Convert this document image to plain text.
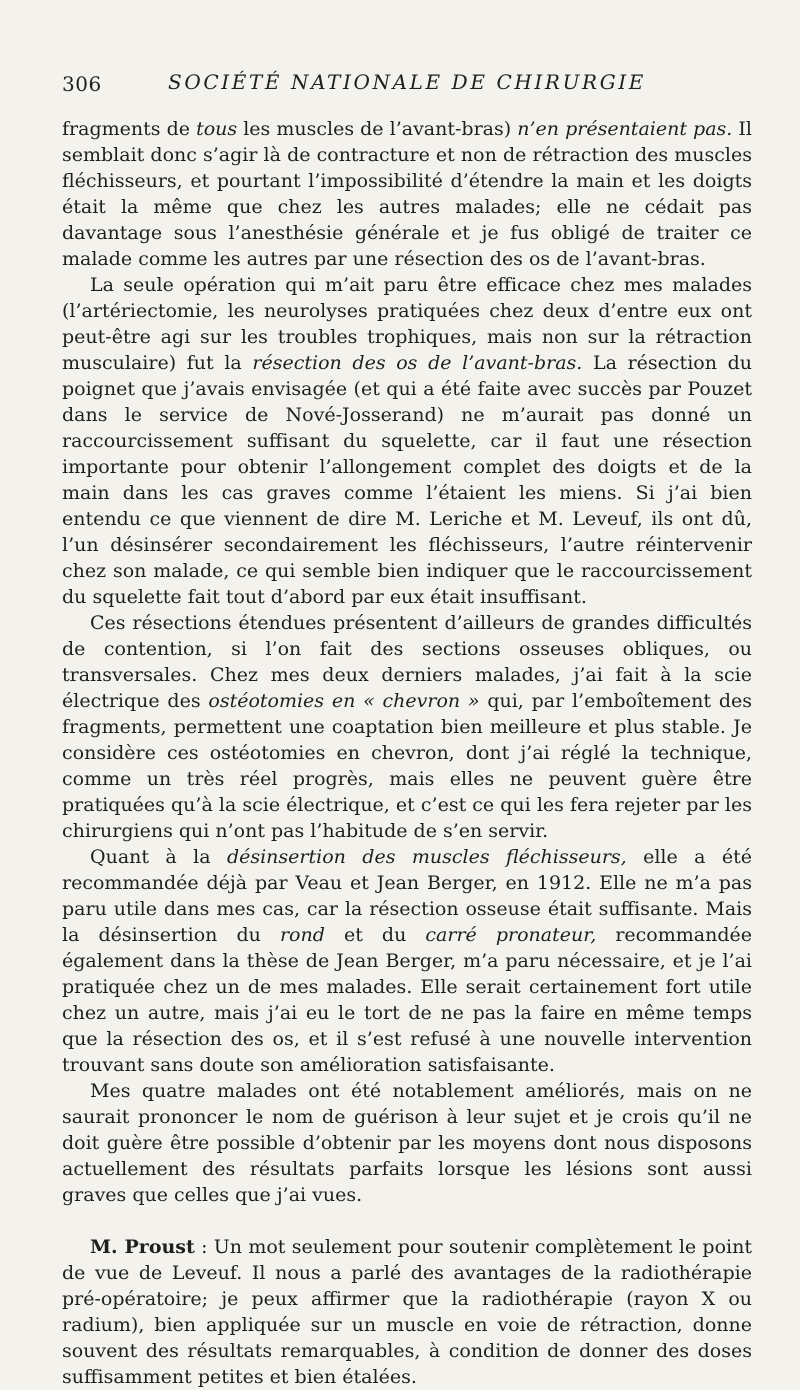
306	SOCIÉTÉ NATIONALE DE CHIRURGIE

fragments de tous les muscles de l’avant-bras) n’en présentaient pas. Il semblait donc s’agir là de contracture et non de rétraction des muscles fléchisseurs, et pourtant l’impossibilité d’étendre la main et les doigts était la même que chez les autres malades; elle ne cédait pas davantage sous l’anesthésie générale et je fus obligé de traiter ce malade comme les autres par une résection des os de l’avant-bras.

La seule opération qui m’ait paru être efficace chez mes malades (l’artériectomie, les neurolyses pratiquées chez deux d’entre eux ont peut-être agi sur les troubles trophiques, mais non sur la rétraction musculaire) fut la résection des os de l’avant-bras. La résection du poignet que j’avais envisagée (et qui a été faite avec succès par Pouzet dans le service de Nové-Josserand) ne m’aurait pas donné un raccourcissement suffisant du squelette, car il faut une résection importante pour obtenir l’allongement complet des doigts et de la main dans les cas graves comme l’étaient les miens. Si j’ai bien entendu ce que viennent de dire M. Leriche et M. Leveuf, ils ont dû, l’un désinsérer secondairement les fléchisseurs, l’autre réintervenir chez son malade, ce qui semble bien indiquer que le raccourcissement du squelette fait tout d’abord par eux était insuffisant.

Ces résections étendues présentent d’ailleurs de grandes difficultés de contention, si l’on fait des sections osseuses obliques, ou transversales. Chez mes deux derniers malades, j’ai fait à la scie électrique des ostéotomies en « chevron » qui, par l’emboîtement des fragments, permettent une coaptation bien meilleure et plus stable. Je considère ces ostéotomies en chevron, dont j’ai réglé la technique, comme un très réel progrès, mais elles ne peuvent guère être pratiquées qu’à la scie électrique, et c’est ce qui les fera rejeter par les chirurgiens qui n’ont pas l’habitude de s’en servir.

Quant à la désinsertion des muscles fléchisseurs, elle a été recommandée déjà par Veau et Jean Berger, en 1912. Elle ne m’a pas paru utile dans mes cas, car la résection osseuse était suffisante. Mais la désinsertion du rond et du carré pronateur, recommandée également dans la thèse de Jean Berger, m’a paru nécessaire, et je l’ai pratiquée chez un de mes malades. Elle serait certainement fort utile chez un autre, mais j’ai eu le tort de ne pas la faire en même temps que la résection des os, et il s’est refusé à une nouvelle intervention trouvant sans doute son amélioration satisfaisante.

Mes quatre malades ont été notablement améliorés, mais on ne saurait prononcer le nom de guérison à leur sujet et je crois qu’il ne doit guère être possible d’obtenir par les moyens dont nous disposons actuellement des résultats parfaits lorsque les lésions sont aussi graves que celles que j’ai vues.

M. Proust : Un mot seulement pour soutenir complètement le point de vue de Leveuf. Il nous a parlé des avantages de la radiothérapie pré-opératoire; je peux affirmer que la radiothérapie (rayon X ou radium), bien appliquée sur un muscle en voie de rétraction, donne souvent des résultats remarquables, à condition de donner des doses suffisamment petites et bien étalées.
